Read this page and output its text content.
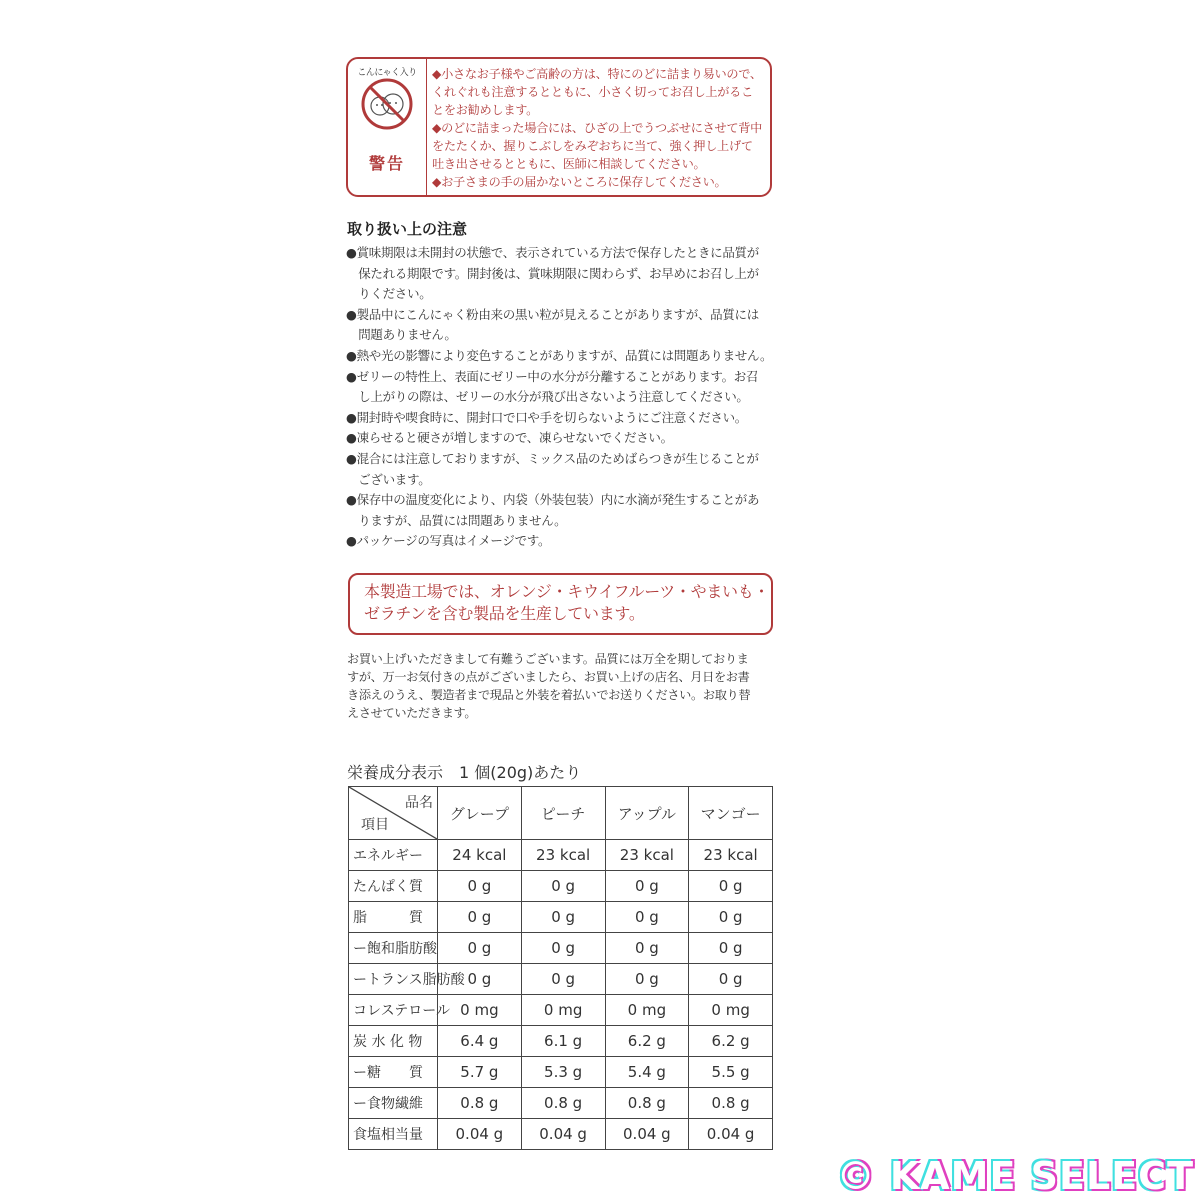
こんにゃく入り
警告
◆小さなお子様やご高齢の方は、特にのどに詰まり易いので、
くれぐれも注意するとともに、小さく切ってお召し上がるこ
とをお勧めします。
◆のどに詰まった場合には、ひざの上でうつぶせにさせて背中
をたたくか、握りこぶしをみぞおちに当て、強く押し上げて
吐き出させるとともに、医師に相談してください。
◆お子さまの手の届かないところに保存してください。
取り扱い上の注意
●賞味期限は未開封の状態で、表示されている方法で保存したときに品質が
　保たれる期限です。開封後は、賞味期限に関わらず、お早めにお召し上が
　りください。
●製品中にこんにゃく粉由来の黒い粒が見えることがありますが、品質には
　問題ありません。
●熱や光の影響により変色することがありますが、品質には問題ありません。
●ゼリーの特性上、表面にゼリー中の水分が分離することがあります。お召
　し上がりの際は、ゼリーの水分が飛び出さないよう注意してください。
●開封時や喫食時に、開封口で口や手を切らないようにご注意ください。
●凍らせると硬さが増しますので、凍らせないでください。
●混合には注意しておりますが、ミックス品のためばらつきが生じることが
　ございます。
●保存中の温度変化により、内袋（外装包装）内に水滴が発生することがあ
　りますが、品質には問題ありません。
●パッケージの写真はイメージです。
本製造工場では、オレンジ・キウイフルーツ・やまいも・
ゼラチンを含む製品を生産しています。
お買い上げいただきまして有難うございます。品質には万全を期しておりま
すが、万一お気付きの点がございましたら、お買い上げの店名、月日をお書
き添えのうえ、製造者まで現品と外装を着払いでお送りください。お取り替
えさせていただきます。
栄養成分表示　1 個(20g)あたり
品名
項目	グレープ	ピーチ	アップル	マンゴー
エネルギー	24 kcal	23 kcal	23 kcal	23 kcal
たんぱく質	0 g	0 g	0 g	0 g
脂　　　質	0 g	0 g	0 g	0 g
ー飽和脂肪酸	0 g	0 g	0 g	0 g
ートランス脂肪酸	0 g	0 g	0 g	0 g
コレステロール	0 mg	0 mg	0 mg	0 mg
炭 水 化 物	6.4 g	6.1 g	6.2 g	6.2 g
ー糖　　質	5.7 g	5.3 g	5.4 g	5.5 g
ー食物繊維	0.8 g	0.8 g	0.8 g	0.8 g
食塩相当量	0.04 g	0.04 g	0.04 g	0.04 g
© KAME SELECT
